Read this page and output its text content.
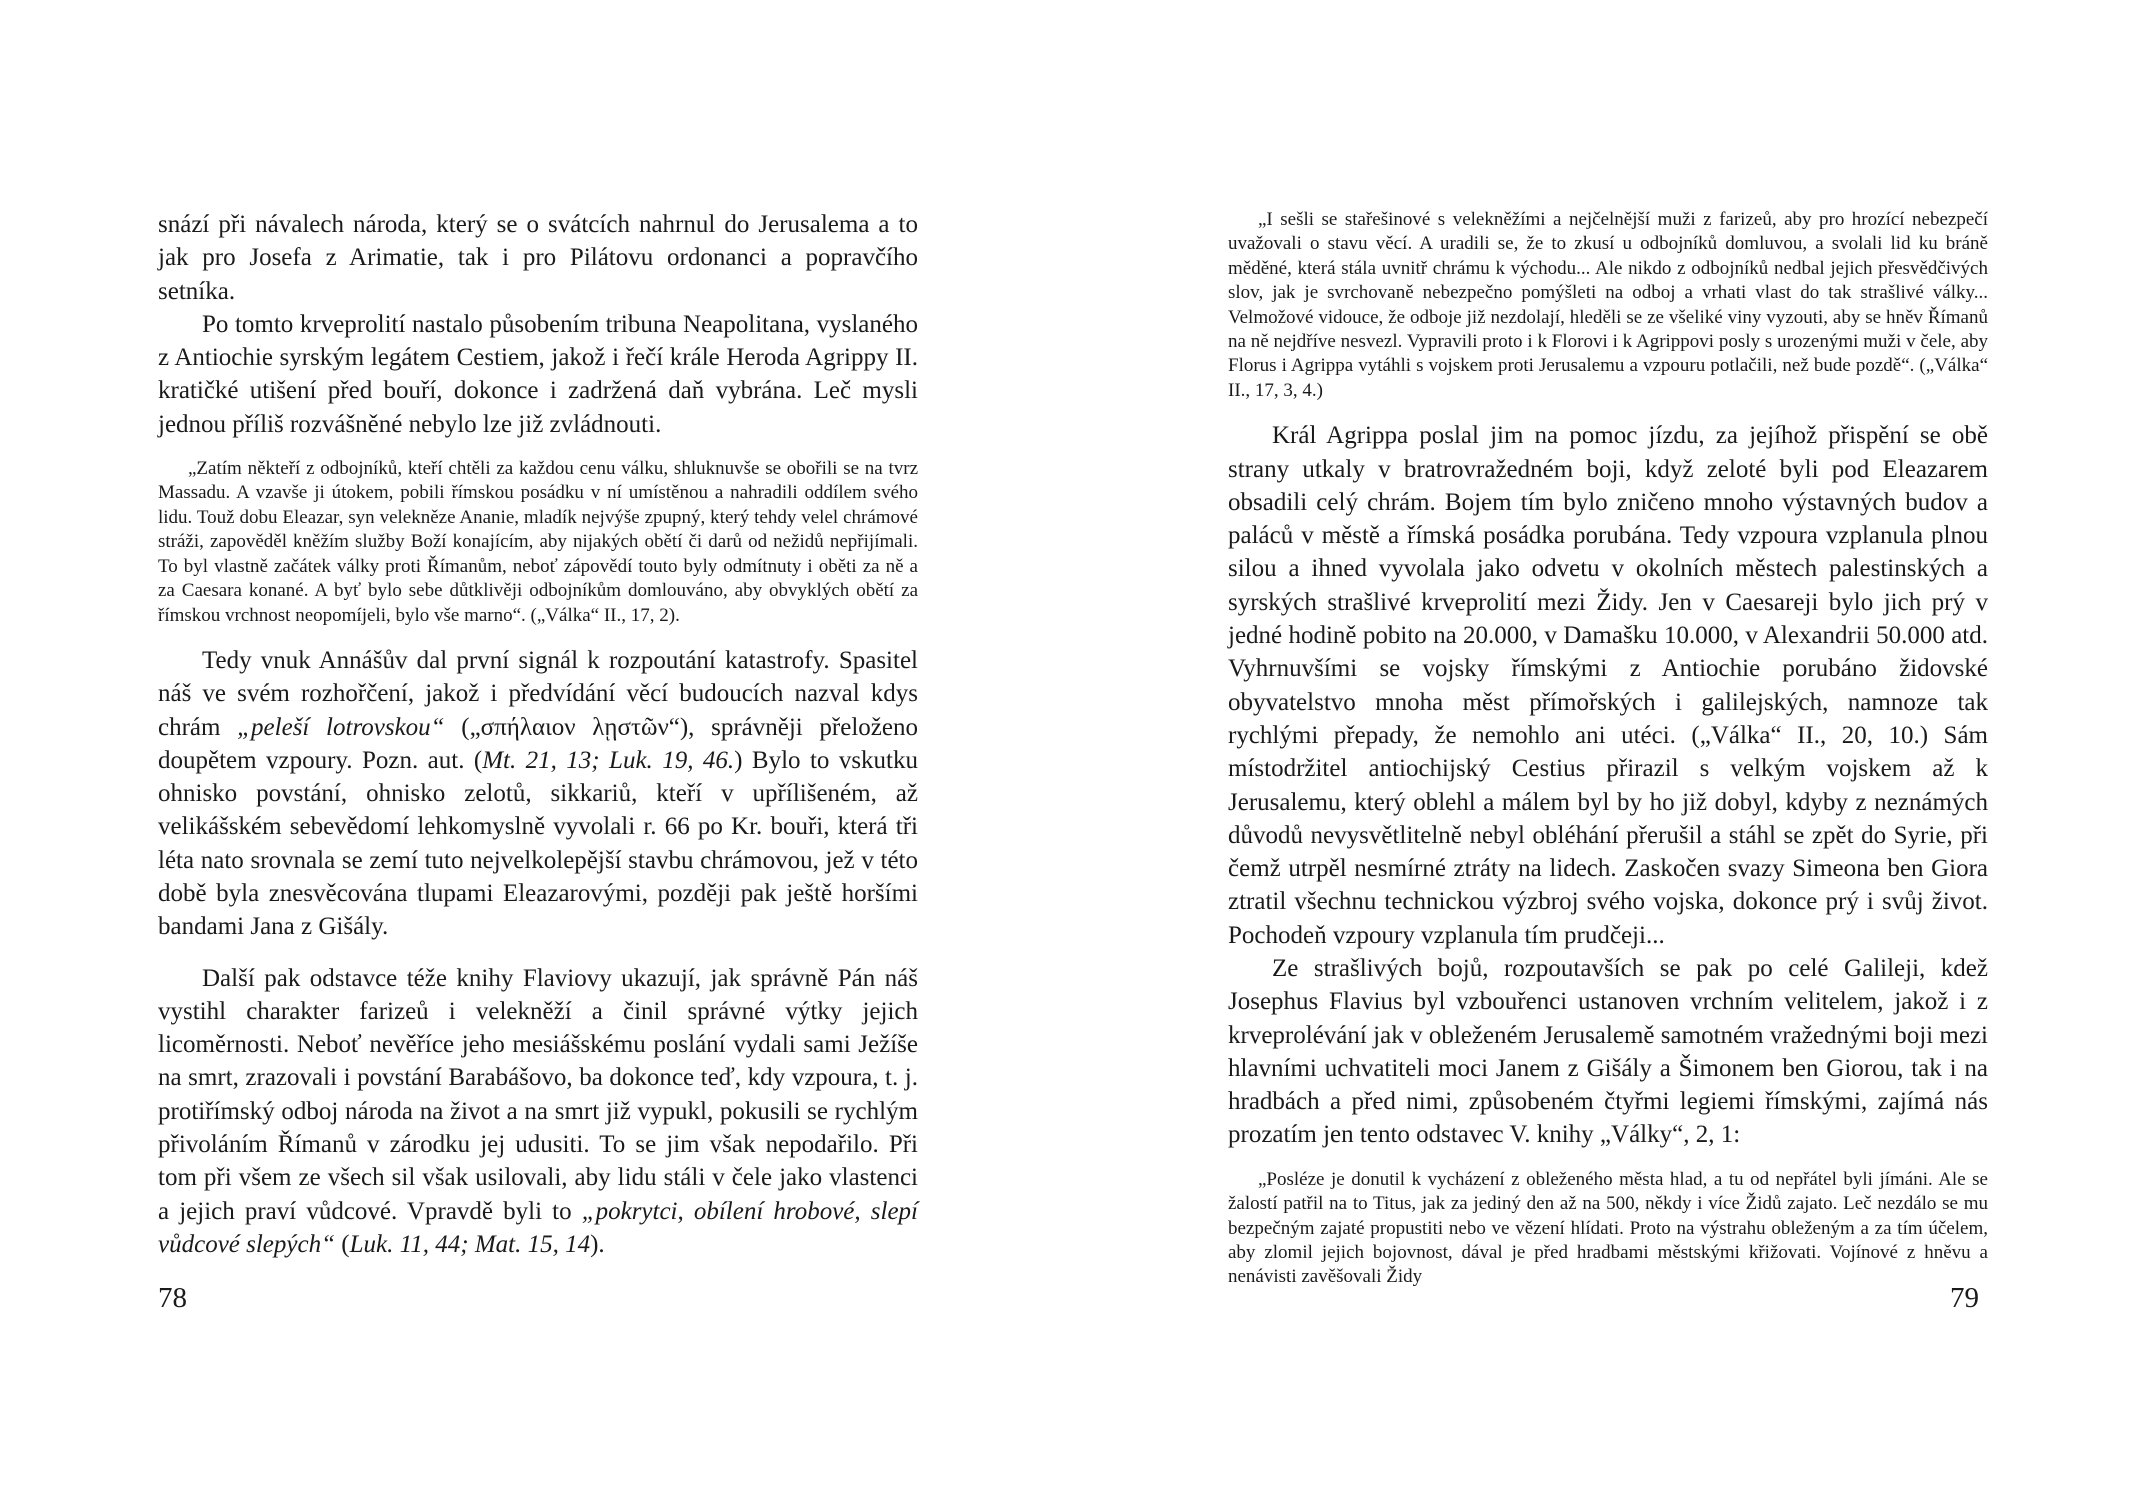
snází při návalech národa, který se o svátcích nahrnul do Jerusalema a to jak pro Josefa z Arimatie, tak i pro Pilátovu ordonanci a popravčího setníka.

Po tomto krveprolití nastalo působením tribuna Neapolitana, vyslaného z Antiochie syrským legátem Cestiem, jakož i řečí krále Heroda Agrippy II. kratičké utišení před bouří, dokonce i zadržená daň vybrána. Leč mysli jednou příliš rozvášněné nebylo lze již zvládnouti.

„Zatím někteří z odbojníků, kteří chtěli za každou cenu válku, shluknuvše se obořili se na tvrz Massadu. A vzavše ji útokem, pobili římskou posádku v ní umístěnou a nahradili oddílem svého lidu. Touž dobu Eleazar, syn velekněze Ananie, mladík nejvýše zpupný, který tehdy velel chrámové stráži, zapověděl kněžím služby Boží konajícím, aby nijakých obětí či darů od nežidů nepřijímali. To byl vlastně začátek války proti Římanům, neboť zápovědí touto byly odmítnuty i oběti za ně a za Caesara konané. A byť bylo sebe důtklivěji odbojníkům domlouváno, aby obvyklých obětí za římskou vrchnost neopomíjeli, bylo vše marno“. („Válka“ II., 17, 2).

Tedy vnuk Annášův dal první signál k rozpoutání katastrofy. Spasitel náš ve svém rozhořčení, jakož i předvídání věcí budoucích nazval kdys chrám „peleší lotrovskou“ („σπήλαιον λῃστῶν“), správněji přeloženo doupětem vzpoury. Pozn. aut. (Mt. 21, 13; Luk. 19, 46.) Bylo to vskutku ohnisko povstání, ohnisko zelotů, sikkariů, kteří v upřílišeném, až velikášském sebevědomí lehkomyslně vyvolali r. 66 po Kr. bouři, která tři léta nato srovnala se zemí tuto nejvelkolepější stavbu chrámovou, jež v této době byla znesvěcována tlupami Eleazarovými, později pak ještě horšími bandami Jana z Gišály.

Další pak odstavce téže knihy Flaviovy ukazují, jak správně Pán náš vystihl charakter farizeů i velekněží a činil správné výtky jejich licoměrnosti. Neboť nevěříce jeho mesiášskému poslání vydali sami Ježíše na smrt, zrazovali i povstání Barabášovo, ba dokonce teď, kdy vzpoura, t. j. protiřímský odboj národa na život a na smrt již vypukl, pokusili se rychlým přivoláním Římanů v zárodku jej udusiti. To se jim však nepodařilo. Při tom při všem ze všech sil však usilovali, aby lidu stáli v čele jako vlastenci a jejich praví vůdcové. Vpravdě byli to „pokrytci, obílení hrobové, slepí vůdcové slepých“ (Luk. 11, 44; Mat. 15, 14).

„I sešli se stařešinové s velekněžími a nejčelnější muži z farizeů, aby pro hrozící nebezpečí uvažovali o stavu věcí. A uradili se, že to zkusí u odbojníků domluvou, a svolali lid ku bráně měděné, která stála uvnitř chrámu k východu... Ale nikdo z odbojníků nedbal jejich přesvědčivých slov, jak je svrchovaně nebezpečno pomýšleti na odboj a vrhati vlast do tak strašlivé války... Velmožové vidouce, že odboje již nezdolají, hleděli se ze všeliké viny vyzouti, aby se hněv Římanů na ně nejdříve nesvezl. Vypravili proto i k Florovi i k Agrippovi posly s urozenými muži v čele, aby Florus i Agrippa vytáhli s vojskem proti Jerusalemu a vzpouru potlačili, než bude pozdě“. („Válka“ II., 17, 3, 4.)

Král Agrippa poslal jim na pomoc jízdu, za jejíhož přispění se obě strany utkaly v bratrovražedném boji, když zeloté byli pod Eleazarem obsadili celý chrám. Bojem tím bylo zničeno mnoho výstavných budov a paláců v městě a římská posádka porubána. Tedy vzpoura vzplanula plnou silou a ihned vyvolala jako odvetu v okolních městech palestinských a syrských strašlivé krveprolití mezi Židy. Jen v Caesareji bylo jich prý v jedné hodině pobito na 20.000, v Damašku 10.000, v Alexandrii 50.000 atd. Vyhrnuvšími se vojsky římskými z Antiochie porubáno židovské obyvatelstvo mnoha měst přímořských i galilejských, namnoze tak rychlými přepady, že nemohlo ani utéci. („Válka“ II., 20, 10.) Sám místodržitel antiochijský Cestius přirazil s velkým vojskem až k Jerusalemu, který oblehl a málem byl by ho již dobyl, kdyby z neznámých důvodů nevysvětlitelně nebyl obléhání přerušil a stáhl se zpět do Syrie, při čemž utrpěl nesmírné ztráty na lidech. Zaskočen svazy Simeona ben Giora ztratil všechnu technickou výzbroj svého vojska, dokonce prý i svůj život. Pochodeň vzpoury vzplanula tím prudčeji...

Ze strašlivých bojů, rozpoutavších se pak po celé Galileji, kdež Josephus Flavius byl vzbouřenci ustanoven vrchním velitelem, jakož i z krveprolévání jak v obleženém Jerusalemě samotném vražednými boji mezi hlavními uchvatiteli moci Janem z Gišály a Šimonem ben Giorou, tak i na hradbách a před nimi, způsobeném čtyřmi legiemi římskými, zajímá nás prozatím jen tento odstavec V. knihy „Války“, 2, 1:

„Posléze je donutil k vycházení z obleženého města hlad, a tu od nepřátel byli jímáni. Ale se žalostí patřil na to Titus, jak za jediný den až na 500, někdy i více Židů zajato. Leč nezdálo se mu bezpečným zajaté propustiti nebo ve vězení hlídati. Proto na výstrahu obleženým a za tím účelem, aby zlomil jejich bojovnost, dával je před hradbami městskými křižovati. Vojínové z hněvu a nenávisti zavěšovali Židy

78	79
